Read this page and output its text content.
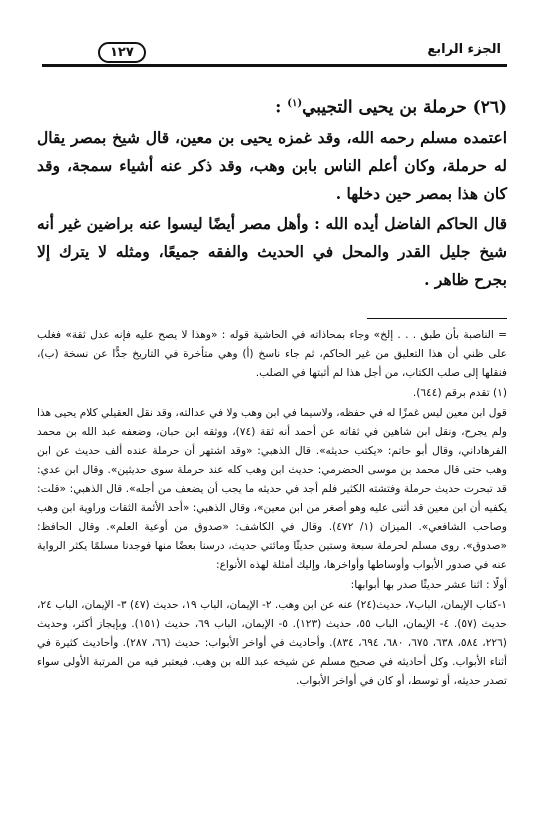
الجزء الرابع
١٢٧

(٢٦) حرملة بن يحيى التجيبي$^{(١)}$ :

اعتمده مسلم رحمه الله، وقد غمزه يحيى بن معين، قال شيخ بمصر يقال له حرملة، وكان أعلم الناس بابن وهب، وقد ذكر عنه أشياء سمجة، وقد كان هذا بمصر حين دخلها .

قال الحاكم الفاضل أيده الله : وأهل مصر أيضًا ليسوا عنه براضين غير أنه شيخ جليل القدر والمحل في الحديث والفقه جميعًا، ومثله لا يترك إلا بجرح ظاهر .

= الناصبة بأن طبق . . . إلخ» وجاء بمحاذاته في الحاشية قوله : «وهذا لا يصح عليه فإنه عدل ثقة» فغلب على ظني أن هذا التعليق من غير الحاكم، ثم جاء ناسخ (أ) وهي متأخرة في التاريخ جدًّا عن نسخة (ب)، فنقلها إلى صلب الكتاب، من أجل هذا لم أثبتها في الصلب.

(١) تقدم برقم (٦٤٤).

قول ابن معين ليس غمزًا له في حفظه، ولاسيما في ابن وهب ولا في عدالته، وقد نقل العقيلي كلام يحيى هذا ولم يجرح، ونقل ابن شاهين في ثقاته عن أحمد أنه ثقة (٧٤)، ووثقه ابن حبان، وضعفه عبد الله بن محمد الفرهاداني، وقال أبو حاتم: «يكتب حديثه». قال الذهبي: «وقد اشتهر أن حرملة عنده ألف حديث عن ابن وهب حتى قال محمد بن موسى الحضرمي: حديث ابن وهب كله عند حرملة سوى حديثين». وقال ابن عدي: قد تبحرت حديث حرملة وفتشته الكثير فلم أجد في حديثه ما يجب أن يضعف من أجله». قال الذهبي: «قلت: يكفيه أن ابن معين قد أثنى عليه وهو أصغر من ابن معين»، وقال الذهبي: «أحد الأئمة الثقات وراوية ابن وهب وصاحب الشافعي». الميزان (١/ ٤٧٢). وقال في الكاشف: «صدوق من أوعية العلم». وقال الحافظ: «صدوق». روى مسلم لحرملة سبعة وستين حديثًا ومائتي حديث، درسنا بعضًا منها فوجدنا مسلمًا يكثر الرواية عنه في صدور الأبواب وأوساطها وأواخرها، وإليك أمثلة لهذه الأنواع:

أولًا : اثنا عشر حديثًا صدر بها أبوابها:

١-كتاب الإيمان، الباب٧، حديث(٢٤) عنه عن ابن وهب. ٢- الإيمان، الباب ١٩، حديث (٤٧) ٣- الإيمان، الباب ٢٤، حديث (٥٧). ٤- الإيمان، الباب ٥٥، حديث (١٢٣). ٥- الإيمان، الباب ٦٩، حديث (١٥١). وبإيجاز أكثر، وحديث (٢٢٦، ٥٨٤، ٦٣٨، ٦٧٥، ٦٨٠، ٦٩٤، ٨٣٤). وأحاديث في أواخر الأبواب: حديث (٦٦، ٢٨٧). وأحاديث كثيرة في أثناء الأبواب. وكل أحاديثه في صحيح مسلم عن شيخه عبد الله بن وهب. فيعتبر فيه من المرتبة الأولى سواء تصدر حديثه، أو توسط، أو كان في أواخر الأبواب.
